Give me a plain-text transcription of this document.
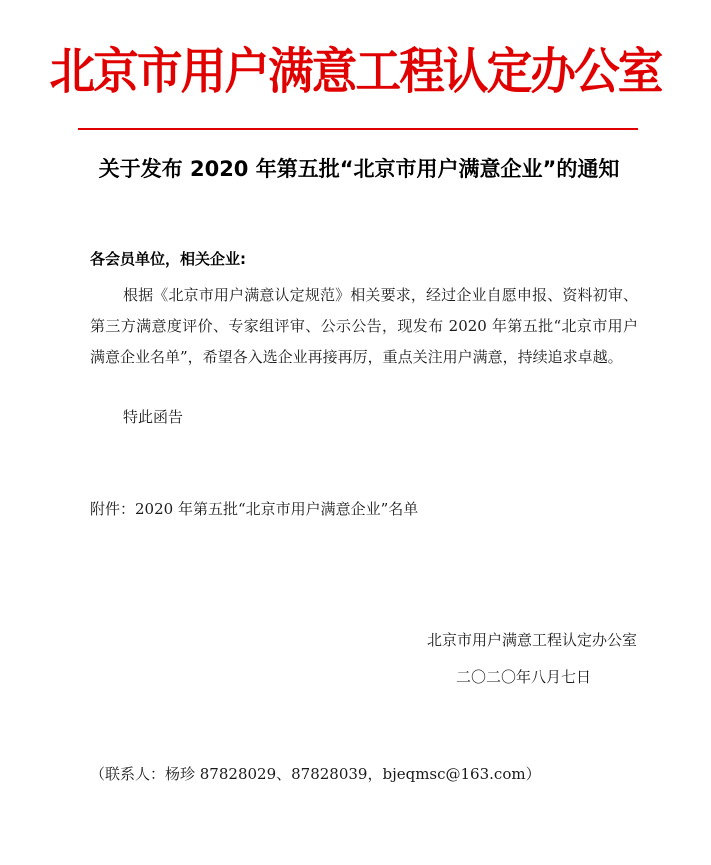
北京市用户满意工程认定办公室
关于发布 2020 年第五批“北京市用户满意企业”的通知
各会员单位，相关企业:
根据《北京市用户满意认定规范》相关要求，经过企业自愿申报、资料初审、第三方满意度评价、专家组评审、公示公告，现发布 2020 年第五批“北京市用户满意企业名单”，希望各入选企业再接再厉，重点关注用户满意，持续追求卓越。
特此函告
附件：2020 年第五批“北京市用户满意企业”名单
北京市用户满意工程认定办公室
二〇二〇年八月七日
（联系人：杨珍 87828029、87828039，bjeqmsc@163.com）
